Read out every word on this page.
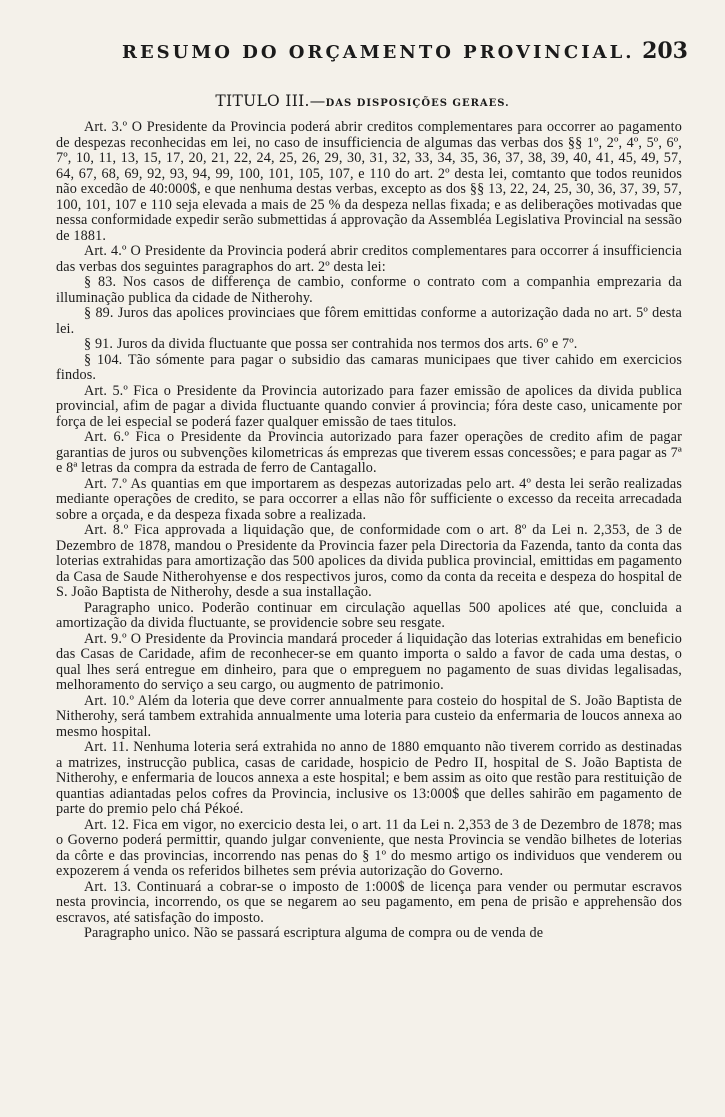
RESUMO DO ORÇAMENTO PROVINCIAL. 203
TITULO III.—DAS DISPOSIÇÕES GERAES.

Art. 3.º O Presidente da Provincia poderá abrir creditos complementares para occorrer ao pagamento de despezas reconhecidas em lei, no caso de insufficiencia de algumas das verbas dos §§ 1º, 2º, 4º, 5º, 6º, 7º, 10, 11, 13, 15, 17, 20, 21, 22, 24, 25, 26, 29, 30, 31, 32, 33, 34, 35, 36, 37, 38, 39, 40, 41, 45, 49, 57, 64, 67, 68, 69, 92, 93, 94, 99, 100, 101, 105, 107, e 110 do art. 2º desta lei, comtanto que todos reunidos não excedão de 40:000$, e que nenhuma destas verbas, excepto as dos §§ 13, 22, 24, 25, 30, 36, 37, 39, 57, 100, 101, 107 e 110 seja elevada a mais de 25 % da despeza nellas fixada; e as deliberações motivadas que nessa conformidade expedir serão submettidas á approvação da Assembléa Legislativa Provincial na sessão de 1881.

Art. 4.º O Presidente da Provincia poderá abrir creditos complementares para occorrer á insufficiencia das verbas dos seguintes paragraphos do art. 2º desta lei:

§ 83. Nos casos de differença de cambio, conforme o contrato com a companhia emprezaria da illuminação publica da cidade de Nitherohy.

§ 89. Juros das apolices provinciaes que fôrem emittidas conforme a autorização dada no art. 5º desta lei.

§ 91. Juros da divida fluctuante que possa ser contrahida nos termos dos arts. 6º e 7º.

§ 104. Tão sómente para pagar o subsidio das camaras municipaes que tiver cahido em exercicios findos.

Art. 5.º Fica o Presidente da Provincia autorizado para fazer emissão de apolices da divida publica provincial, afim de pagar a divida fluctuante quando convier á provincia; fóra deste caso, unicamente por força de lei especial se poderá fazer qualquer emissão de taes titulos.

Art. 6.º Fica o Presidente da Provincia autorizado para fazer operações de credito afim de pagar garantias de juros ou subvenções kilometricas ás emprezas que tiverem essas concessões; e para pagar as 7ª e 8ª letras da compra da estrada de ferro de Cantagallo.

Art. 7.º As quantias em que importarem as despezas autorizadas pelo art. 4º desta lei serão realizadas mediante operações de credito, se para occorrer a ellas não fôr sufficiente o excesso da receita arrecadada sobre a orçada, e da despeza fixada sobre a realizada.

Art. 8.º Fica approvada a liquidação que, de conformidade com o art. 8º da Lei n. 2,353, de 3 de Dezembro de 1878, mandou o Presidente da Provincia fazer pela Directoria da Fazenda, tanto da conta das loterias extrahidas para amortização das 500 apolices da divida publica provincial, emittidas em pagamento da Casa de Saude Nitherohyense e dos respectivos juros, como da conta da receita e despeza do hospital de S. João Baptista de Nitherohy, desde a sua installação.

Paragrapho unico. Poderão continuar em circulação aquellas 500 apolices até que, concluida a amortização da divida fluctuante, se providencie sobre seu resgate.

Art. 9.º O Presidente da Provincia mandará proceder á liquidação das loterias extrahidas em beneficio das Casas de Caridade, afim de reconhecer-se em quanto importa o saldo a favor de cada uma destas, o qual lhes será entregue em dinheiro, para que o empreguem no pagamento de suas dividas legalisadas, melhoramento do serviço a seu cargo, ou augmento de patrimonio.

Art. 10.º Além da loteria que deve correr annualmente para costeio do hospital de S. João Baptista de Nitherohy, será tambem extrahida annualmente uma loteria para custeio da enfermaria de loucos annexa ao mesmo hospital.

Art. 11. Nenhuma loteria será extrahida no anno de 1880 emquanto não tiverem corrido as destinadas a matrizes, instrucção publica, casas de caridade, hospicio de Pedro II, hospital de S. João Baptista de Nitherohy, e enfermaria de loucos annexa a este hospital; e bem assim as oito que restão para restituição de quantias adiantadas pelos cofres da Provincia, inclusive os 13:000$ que delles sahirão em pagamento de parte do premio pelo chá Pékoé.

Art. 12. Fica em vigor, no exercicio desta lei, o art. 11 da Lei n. 2,353 de 3 de Dezembro de 1878; mas o Governo poderá permittir, quando julgar conveniente, que nesta Provincia se vendão bilhetes de loterias da côrte e das provincias, incorrendo nas penas do § 1º do mesmo artigo os individuos que venderem ou expozerem á venda os referidos bilhetes sem prévia autorização do Governo.

Art. 13. Continuará a cobrar-se o imposto de 1:000$ de licença para vender ou permutar escravos nesta provincia, incorrendo, os que se negarem ao seu pagamento, em pena de prisão e apprehensão dos escravos, até satisfação do imposto.

Paragrapho unico. Não se passará escriptura alguma de compra ou de venda de
